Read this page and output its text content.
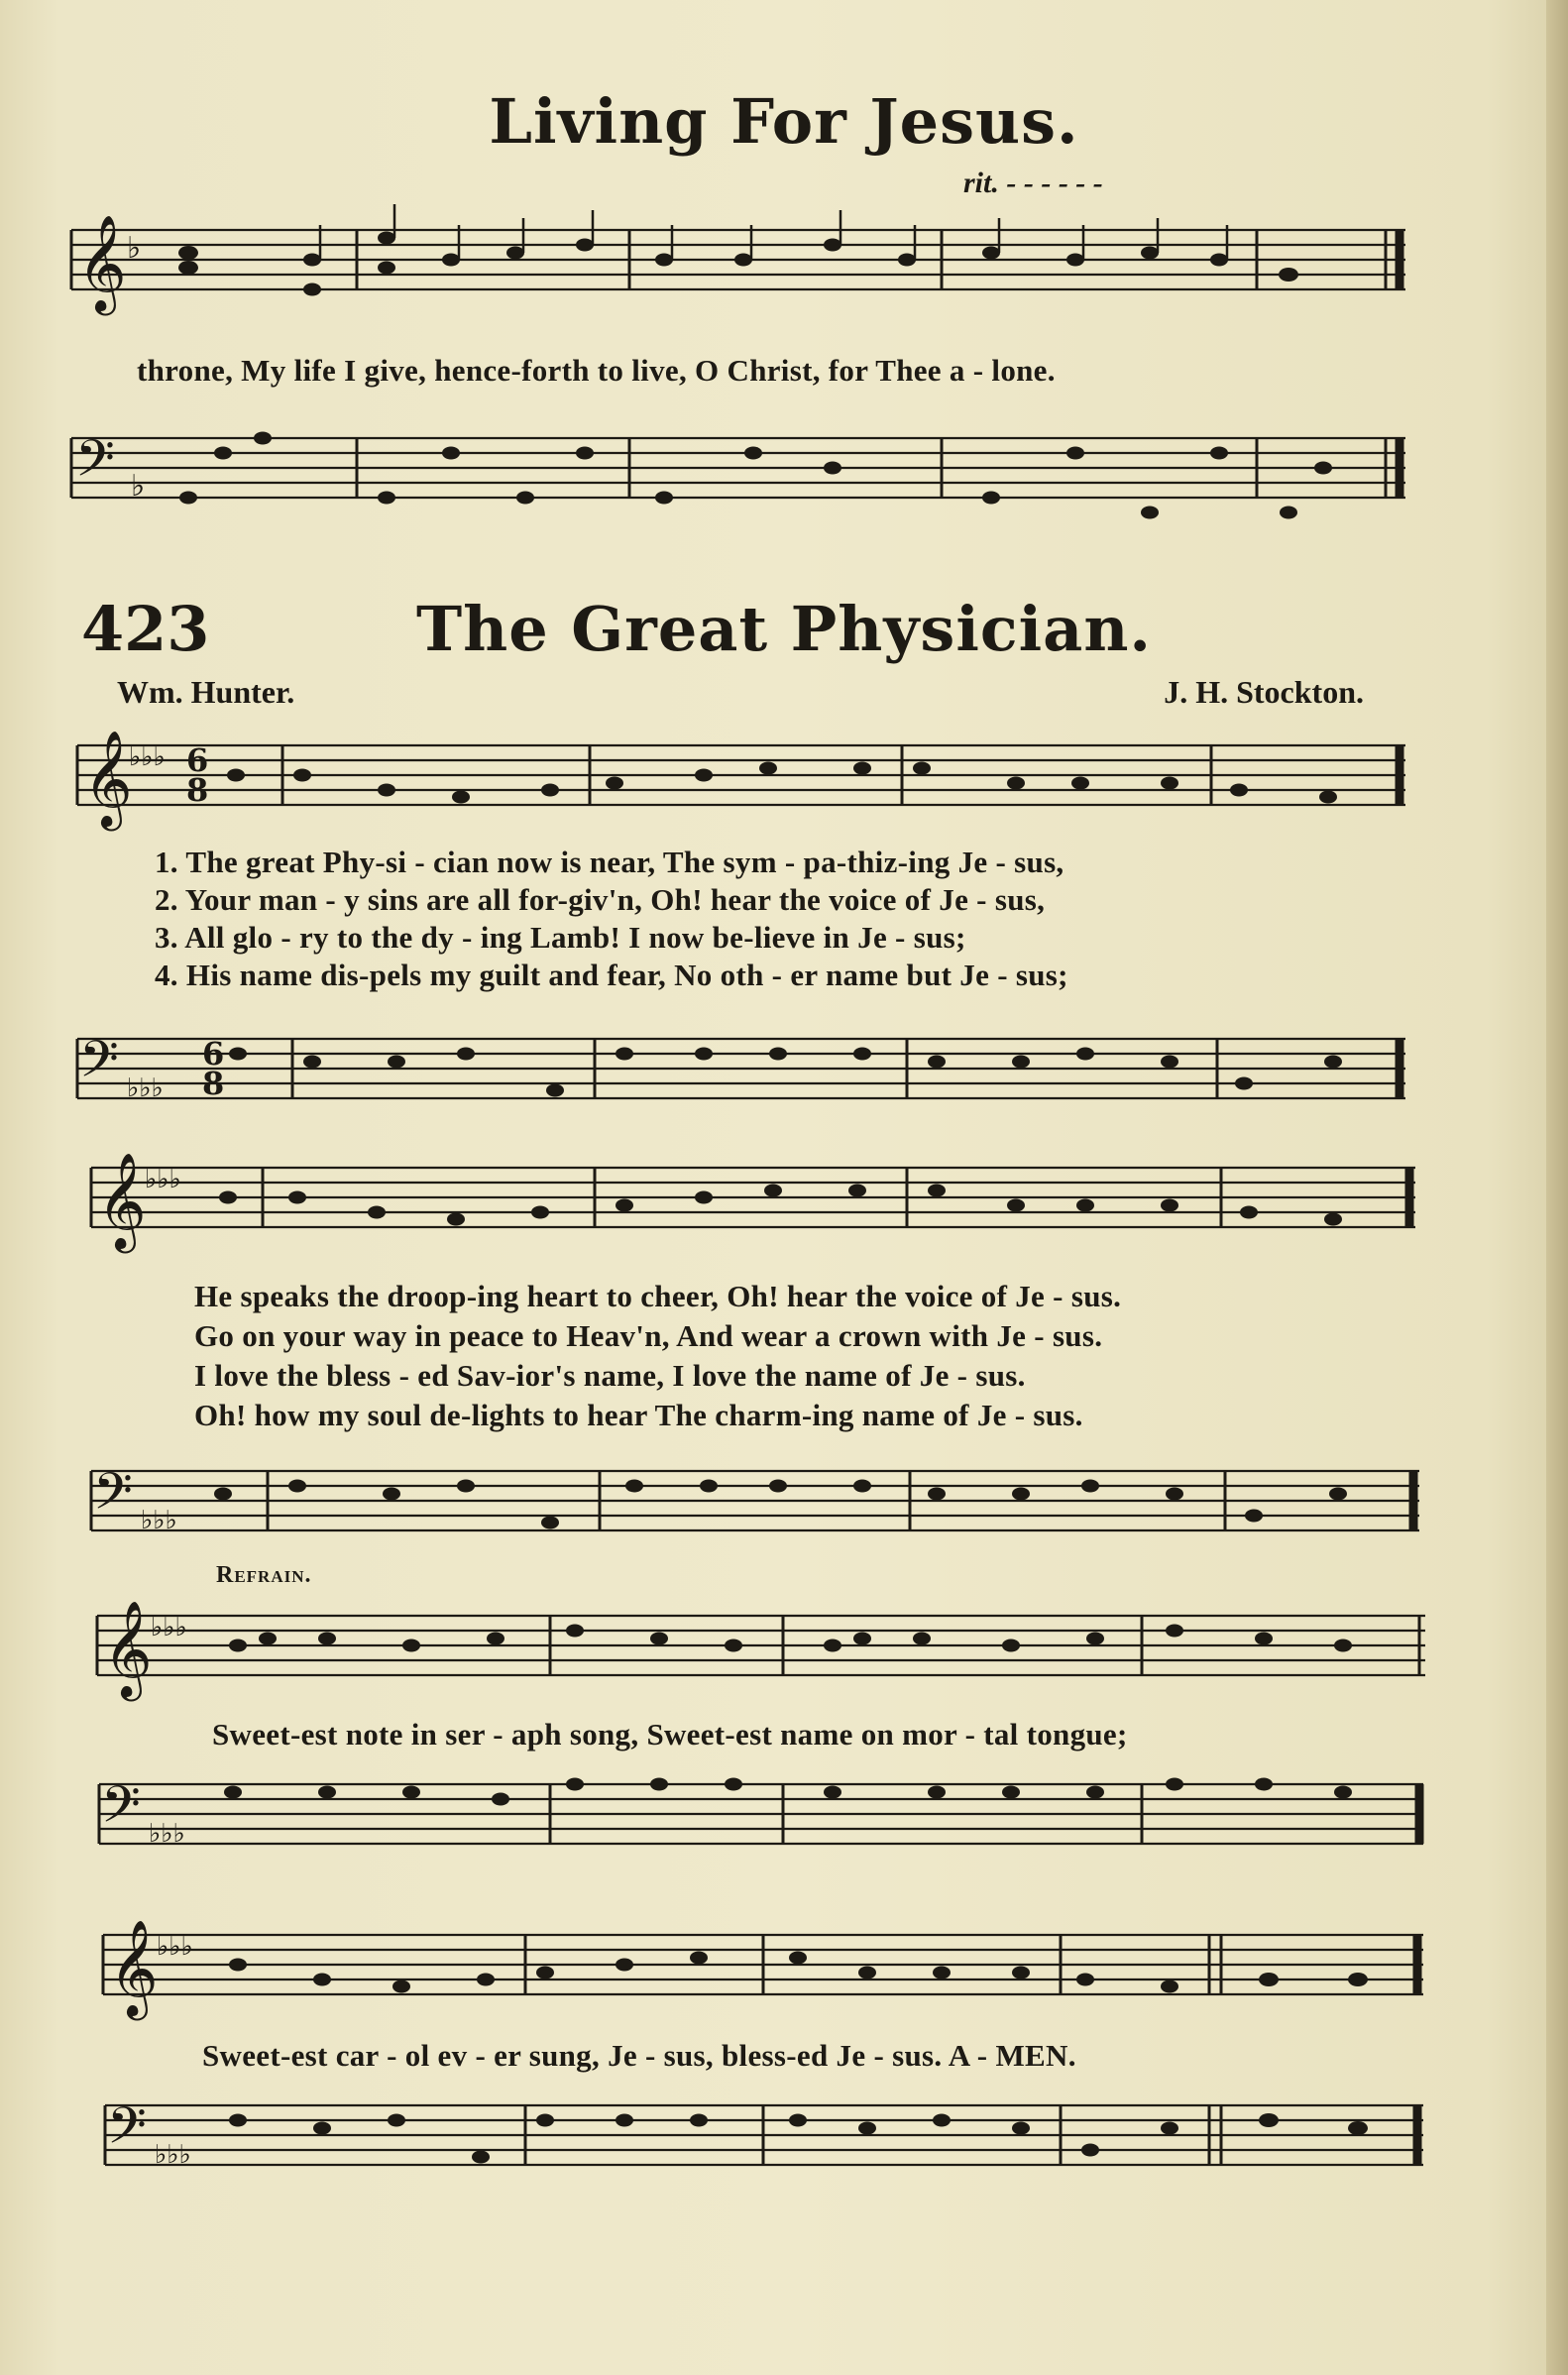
Living For Jesus.
rit. - - - - - -
𝄞 ♭
throne, My life I give, hence-forth to live, O Christ, for Thee a - lone.
𝄢 ♭
423	The Great Physician.
Wm. Hunter.	J. H. Stockton.
𝄞
♭♭♭ 6
8
1. The great Phy-si - cian now is near, The sym - pa-thiz-ing Je - sus,
2. Your man - y sins are all for-giv'n, Oh! hear the voice of Je - sus,
3. All glo - ry to the dy - ing Lamb! I now be-lieve in Je - sus;
4. His name dis-pels my guilt and fear, No oth - er name but Je - sus;
𝄢 ♭♭♭
6
8
𝄞
♭♭♭
He speaks the droop-ing heart to cheer, Oh! hear the voice of Je - sus.
Go on your way in peace to Heav'n, And wear a crown with Je - sus.
I love the bless - ed Sav-ior's name, I love the name of Je - sus.
Oh! how my soul de-lights to hear The charm-ing name of Je - sus.
𝄢 ♭♭♭
Refrain.
𝄞
♭♭♭
Sweet-est note in ser - aph song, Sweet-est name on mor - tal tongue;
𝄢 ♭♭♭
𝄞
♭♭♭
Sweet-est car - ol ev - er sung, Je - sus, bless-ed Je - sus. A - MEN.
𝄢 ♭♭♭
